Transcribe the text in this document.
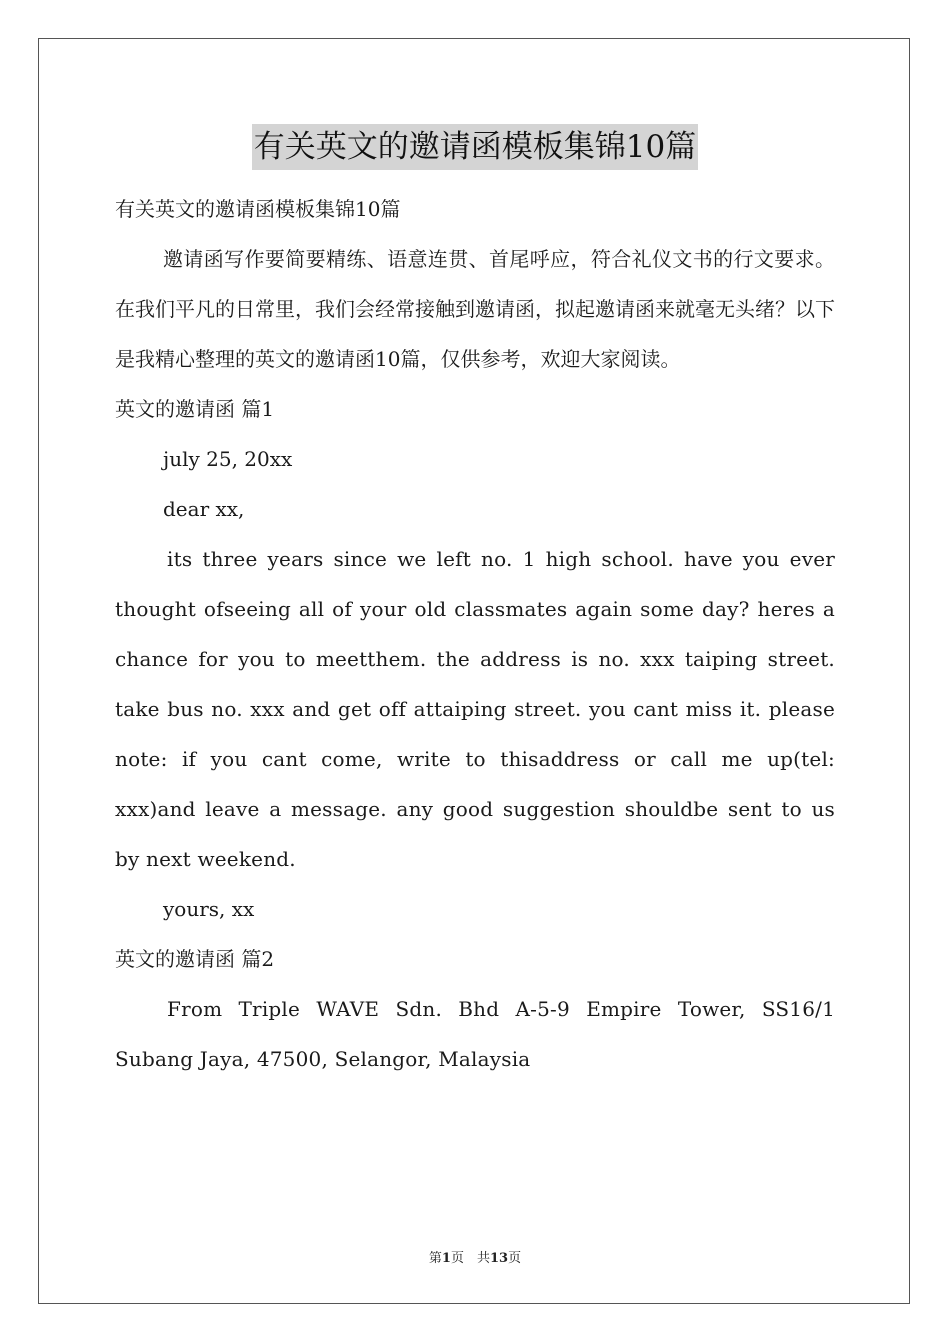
有关英文的邀请函模板集锦10篇

有关英文的邀请函模板集锦10篇

邀请函写作要简要精练、语意连贯、首尾呼应，符合礼仪文书的行文要求。在我们平凡的日常里，我们会经常接触到邀请函，拟起邀请函来就毫无头绪？以下是我精心整理的英文的邀请函10篇，仅供参考，欢迎大家阅读。

英文的邀请函 篇1

july 25, 20xx

dear xx,

its three years since we left no. 1 high school. have you ever thought ofseeing all of your old classmates again some day? heres a chance for you to meetthem. the address is no. xxx taiping street. take bus no. xxx and get off attaiping street. you cant miss it. please note: if you cant come, write to thisaddress or call me up(tel: xxx)and leave a message. any good suggestion shouldbe sent to us by next weekend.

yours, xx

英文的邀请函 篇2

From Triple WAVE Sdn. Bhd A-5-9 Empire Tower, SS16/1 Subang Jaya, 47500, Selangor, Malaysia

第1页　共13页
